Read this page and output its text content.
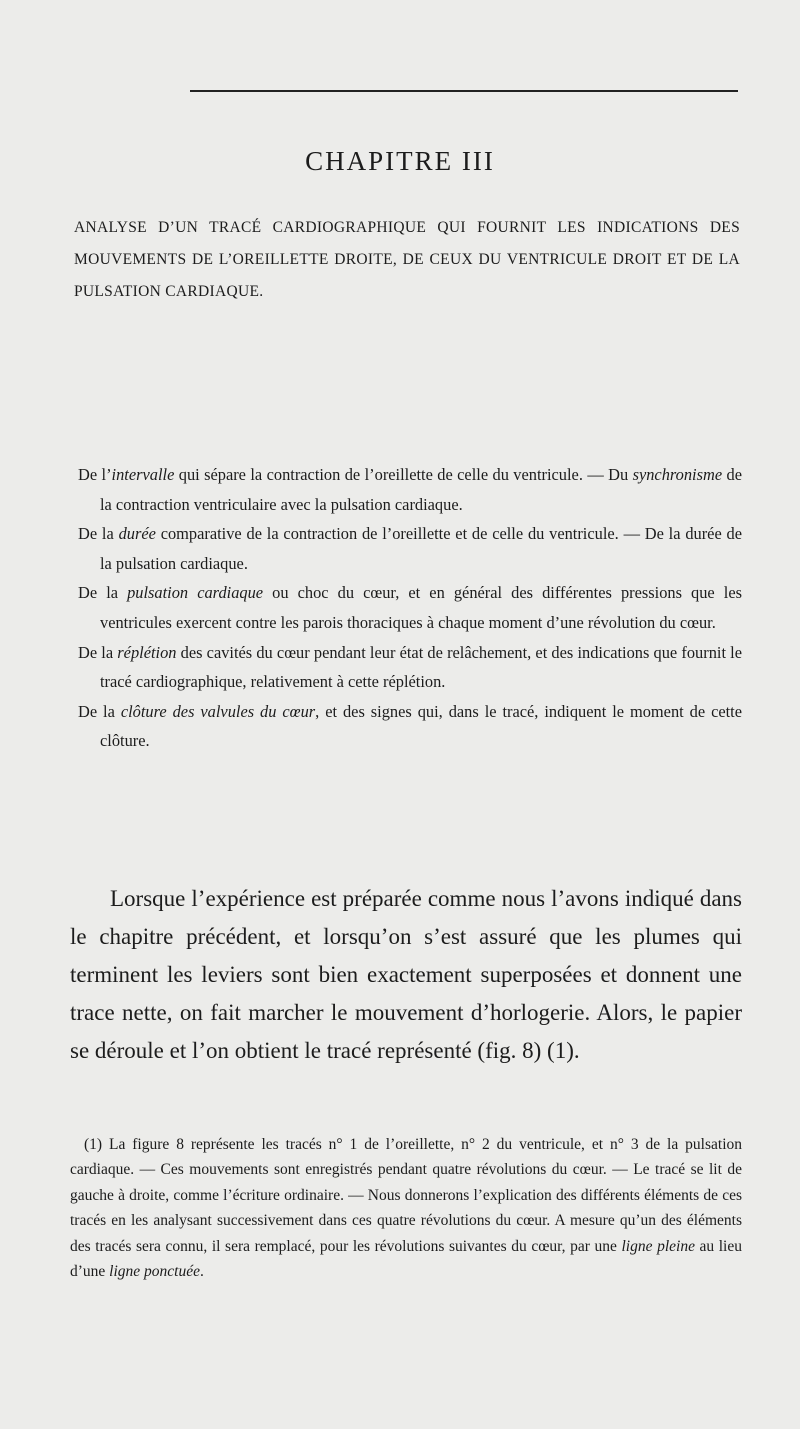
CHAPITRE III
ANALYSE D’UN TRACÉ CARDIOGRAPHIQUE QUI FOURNIT LES INDICATIONS DES MOUVEMENTS DE L’OREILLETTE DROITE, DE CEUX DU VENTRICULE DROIT ET DE LA PULSATION CARDIAQUE.

De l’intervalle qui sépare la contraction de l’oreillette de celle du ventricule. — Du synchronisme de la contraction ventriculaire avec la pulsation cardiaque.

De la durée comparative de la contraction de l’oreillette et de celle du ventricule. — De la durée de la pulsation cardiaque.

De la pulsation cardiaque ou choc du cœur, et en général des différentes pressions que les ventricules exercent contre les parois thoraciques à chaque moment d’une révolution du cœur.

De la réplétion des cavités du cœur pendant leur état de relâchement, et des indications que fournit le tracé cardiographique, relativement à cette réplétion.

De la clôture des valvules du cœur, et des signes qui, dans le tracé, indiquent le moment de cette clôture.

Lorsque l’expérience est préparée comme nous l’avons indiqué dans le chapitre précédent, et lorsqu’on s’est assuré que les plumes qui terminent les leviers sont bien exactement superposées et donnent une trace nette, on fait marcher le mouvement d’horlogerie. Alors, le papier se déroule et l’on obtient le tracé représenté (fig. 8) (1).

(1) La figure 8 représente les tracés n° 1 de l’oreillette, n° 2 du ventricule, et n° 3 de la pulsation cardiaque. — Ces mouvements sont enregistrés pendant quatre révolutions du cœur. — Le tracé se lit de gauche à droite, comme l’écriture ordinaire. — Nous donnerons l’explication des différents éléments de ces tracés en les analysant successivement dans ces quatre révolutions du cœur. A mesure qu’un des éléments des tracés sera connu, il sera remplacé, pour les révolutions suivantes du cœur, par une ligne pleine au lieu d’une ligne ponctuée.
